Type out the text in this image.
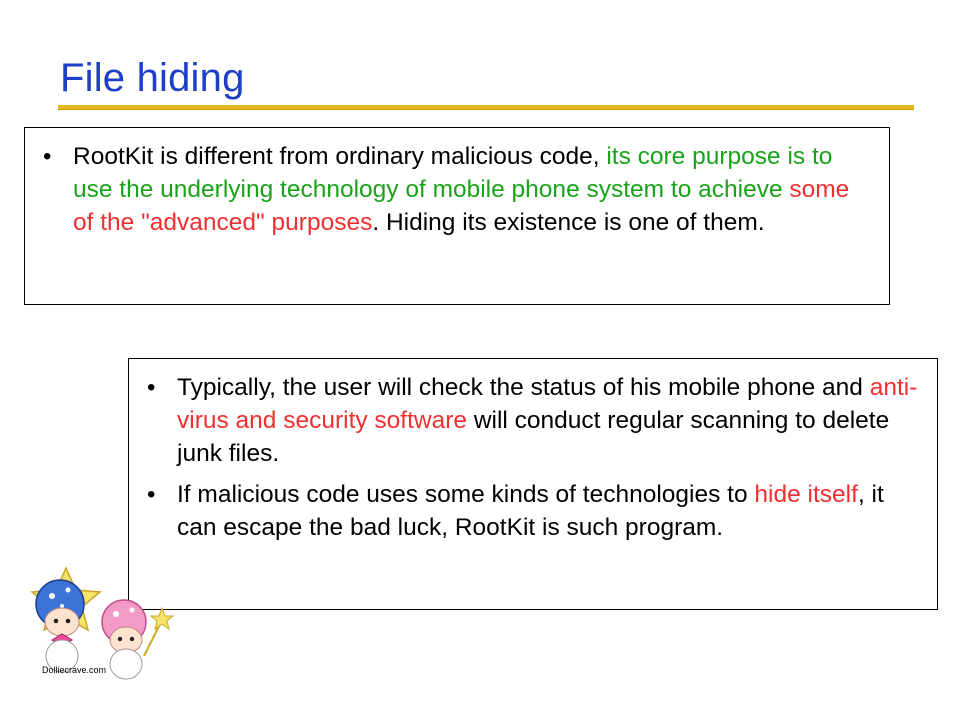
File hiding
• RootKit is different from ordinary malicious code, its core purpose is to use the underlying technology of mobile phone system to achieve some of the "advanced" purposes. Hiding its existence is one of them.
• Typically, the user will check the status of his mobile phone and anti-virus and security software will conduct regular scanning to delete junk files.
• If malicious code uses some kinds of technologies to hide itself, it can escape the bad luck, RootKit is such program.
Dolliecrave.com
